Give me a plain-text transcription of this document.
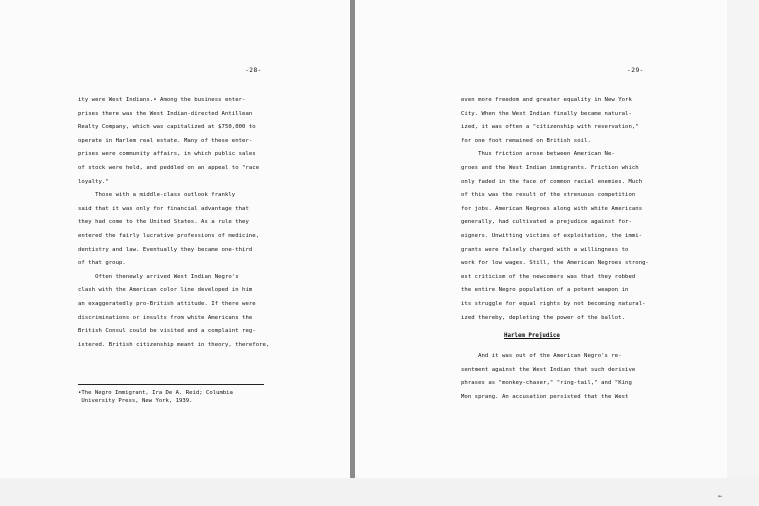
-28-
ity were West Indians.∙ Among the business enter-
prises there was the West Indian-directed Antillean
Realty Company, which was capitalized at $750,000 to
operate in Harlem real estate. Many of these enter-
prises were community affairs, in which public sales
of stock were held, and peddled on an appeal to "race
loyalty."
Those with a middle-class outlook frankly
said that it was only for financial advantage that
they had come to the United States. As a rule they
entered the fairly lucrative professions of medicine,
dentistry and law. Eventually they became one-third
of that group.
Often thenewly arrived West Indian Negro's
clash with the American color line developed in him
an exaggeratedly pro-British attitude. If there were
discriminations or insults from white Americans the
British Consul could be visited and a complaint reg-
istered. British citizenship meant in theory, therefore,
∙The Negro Immigrant, Ira De A. Reid; Columbia
University Press, New York, 1939.
-29-
even more freedom and greater equality in New York
City. When the West Indian finally became natural-
ized, it was often a "citizenship with reservation,"
for one foot remained on British soil.
Thus friction arose between American Ne-
groes and the West Indian immigrants. Friction which
only faded in the face of common racial enemies. Much
of this was the result of the strenuous competition
for jobs. American Negroes along with white Americans
generally, had cultivated a prejudice against for-
eigners. Unwitting victims of exploitation, the immi-
grants were falsely charged with a willingness to
work for low wages. Still, the American Negroes strong-
est criticism of the newcomers was that they robbed
the entire Negro population of a potent weapon in
its struggle for equal rights by not becoming natural-
ized thereby, depleting the power of the ballot.
And it was out of the American Negro's re-
sentment against the West Indian that such derisive
phrases as "monkey-chaser," "ring-tail," and "King
Mon sprang. An accusation persisted that the West
Harlem Prejudice
←
